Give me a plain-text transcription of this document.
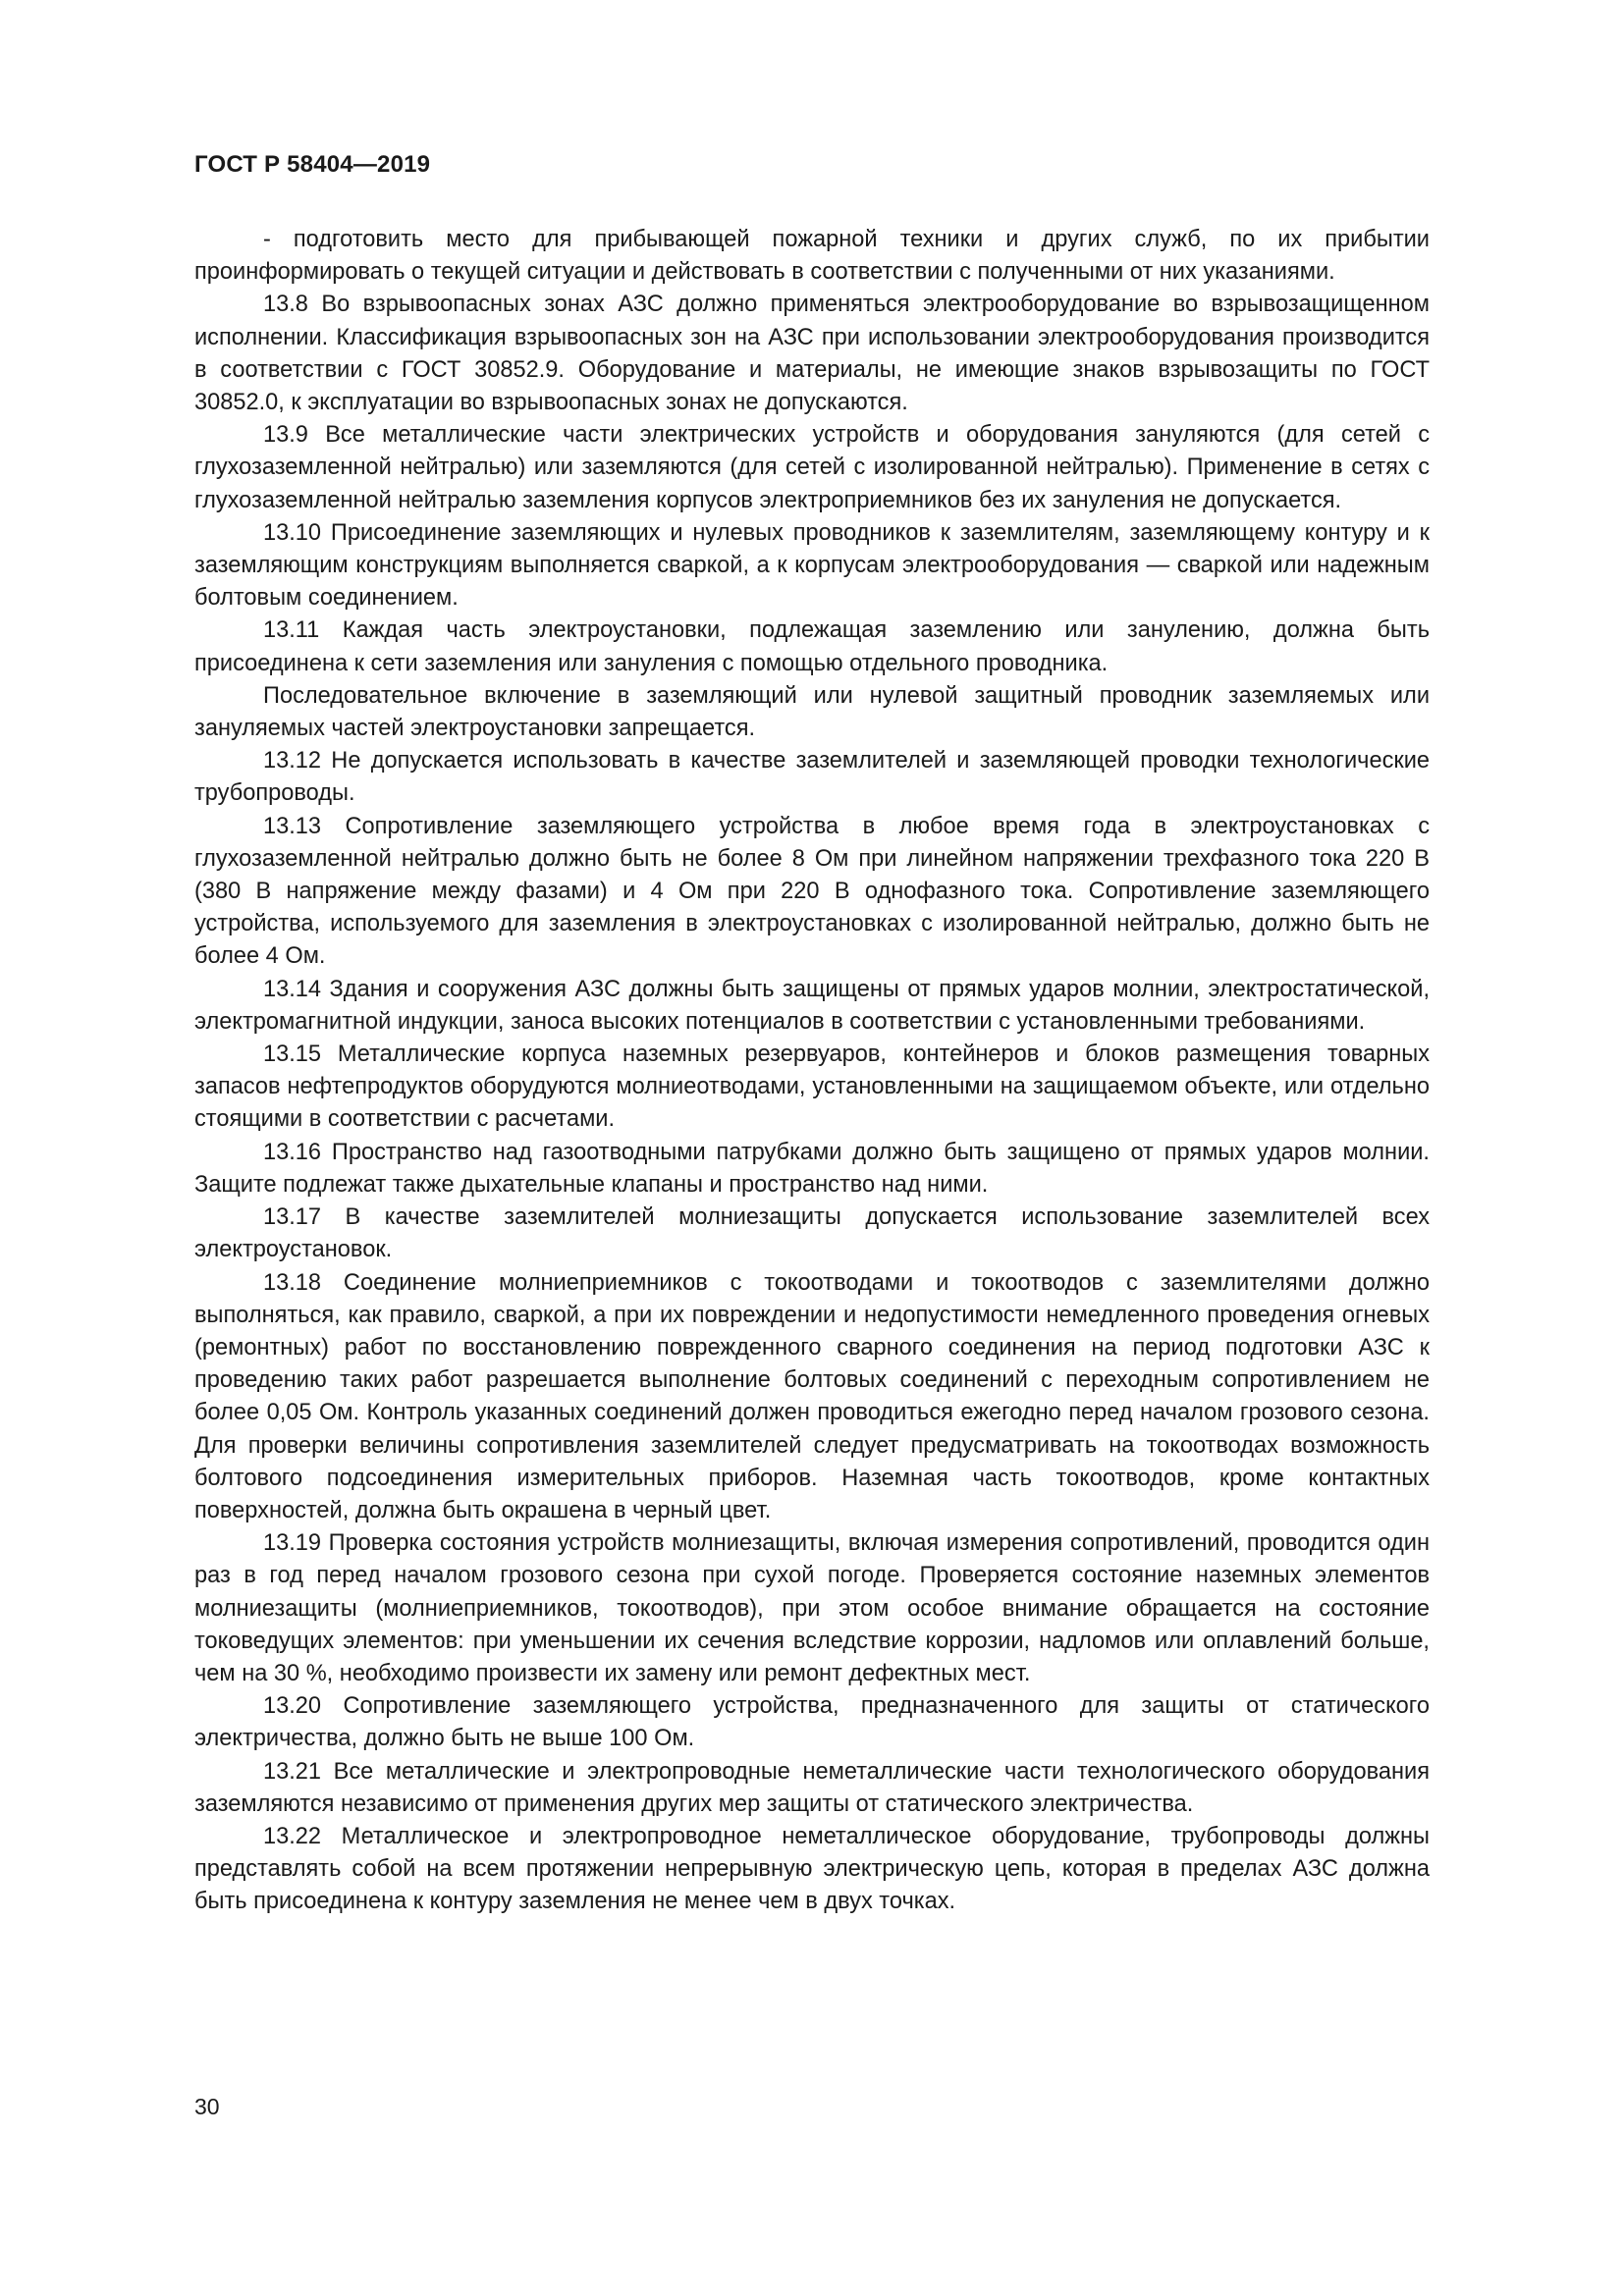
ГОСТ Р 58404—2019

- подготовить место для прибывающей пожарной техники и других служб, по их прибытии проинформировать о текущей ситуации и действовать в соответствии с полученными от них указаниями.

13.8 Во взрывоопасных зонах АЗС должно применяться электрооборудование во взрывозащищенном исполнении. Классификация взрывоопасных зон на АЗС при использовании электрооборудования производится в соответствии с ГОСТ 30852.9. Оборудование и материалы, не имеющие знаков взрывозащиты по ГОСТ 30852.0, к эксплуатации во взрывоопасных зонах не допускаются.

13.9 Все металлические части электрических устройств и оборудования зануляются (для сетей с глухозаземленной нейтралью) или заземляются (для сетей с изолированной нейтралью). Применение в сетях с глухозаземленной нейтралью заземления корпусов электроприемников без их зануления не допускается.

13.10 Присоединение заземляющих и нулевых проводников к заземлителям, заземляющему контуру и к заземляющим конструкциям выполняется сваркой, а к корпусам электрооборудования — сваркой или надежным болтовым соединением.

13.11 Каждая часть электроустановки, подлежащая заземлению или занулению, должна быть присоединена к сети заземления или зануления с помощью отдельного проводника.

Последовательное включение в заземляющий или нулевой защитный проводник заземляемых или зануляемых частей электроустановки запрещается.

13.12 Не допускается использовать в качестве заземлителей и заземляющей проводки технологические трубопроводы.

13.13 Сопротивление заземляющего устройства в любое время года в электроустановках с глухозаземленной нейтралью должно быть не более 8 Ом при линейном напряжении трехфазного тока 220 В (380 В напряжение между фазами) и 4 Ом при 220 В однофазного тока. Сопротивление заземляющего устройства, используемого для заземления в электроустановках с изолированной нейтралью, должно быть не более 4 Ом.

13.14 Здания и сооружения АЗС должны быть защищены от прямых ударов молнии, электростатической, электромагнитной индукции, заноса высоких потенциалов в соответствии с установленными требованиями.

13.15 Металлические корпуса наземных резервуаров, контейнеров и блоков размещения товарных запасов нефтепродуктов оборудуются молниеотводами, установленными на защищаемом объекте, или отдельно стоящими в соответствии с расчетами.

13.16 Пространство над газоотводными патрубками должно быть защищено от прямых ударов молнии. Защите подлежат также дыхательные клапаны и пространство над ними.

13.17 В качестве заземлителей молниезащиты допускается использование заземлителей всех электроустановок.

13.18 Соединение молниеприемников с токоотводами и токоотводов с заземлителями должно выполняться, как правило, сваркой, а при их повреждении и недопустимости немедленного проведения огневых (ремонтных) работ по восстановлению поврежденного сварного соединения на период подготовки АЗС к проведению таких работ разрешается выполнение болтовых соединений с переходным сопротивлением не более 0,05 Ом. Контроль указанных соединений должен проводиться ежегодно перед началом грозового сезона. Для проверки величины сопротивления заземлителей следует предусматривать на токоотводах возможность болтового подсоединения измерительных приборов. Наземная часть токоотводов, кроме контактных поверхностей, должна быть окрашена в черный цвет.

13.19 Проверка состояния устройств молниезащиты, включая измерения сопротивлений, проводится один раз в год перед началом грозового сезона при сухой погоде. Проверяется состояние наземных элементов молниезащиты (молниеприемников, токоотводов), при этом особое внимание обращается на состояние токоведущих элементов: при уменьшении их сечения вследствие коррозии, надломов или оплавлений больше, чем на 30 %, необходимо произвести их замену или ремонт дефектных мест.

13.20 Сопротивление заземляющего устройства, предназначенного для защиты от статического электричества, должно быть не выше 100 Ом.

13.21 Все металлические и электропроводные неметаллические части технологического оборудования заземляются независимо от применения других мер защиты от статического электричества.

13.22 Металлическое и электропроводное неметаллическое оборудование, трубопроводы должны представлять собой на всем протяжении непрерывную электрическую цепь, которая в пределах АЗС должна быть присоединена к контуру заземления не менее чем в двух точках.

30
